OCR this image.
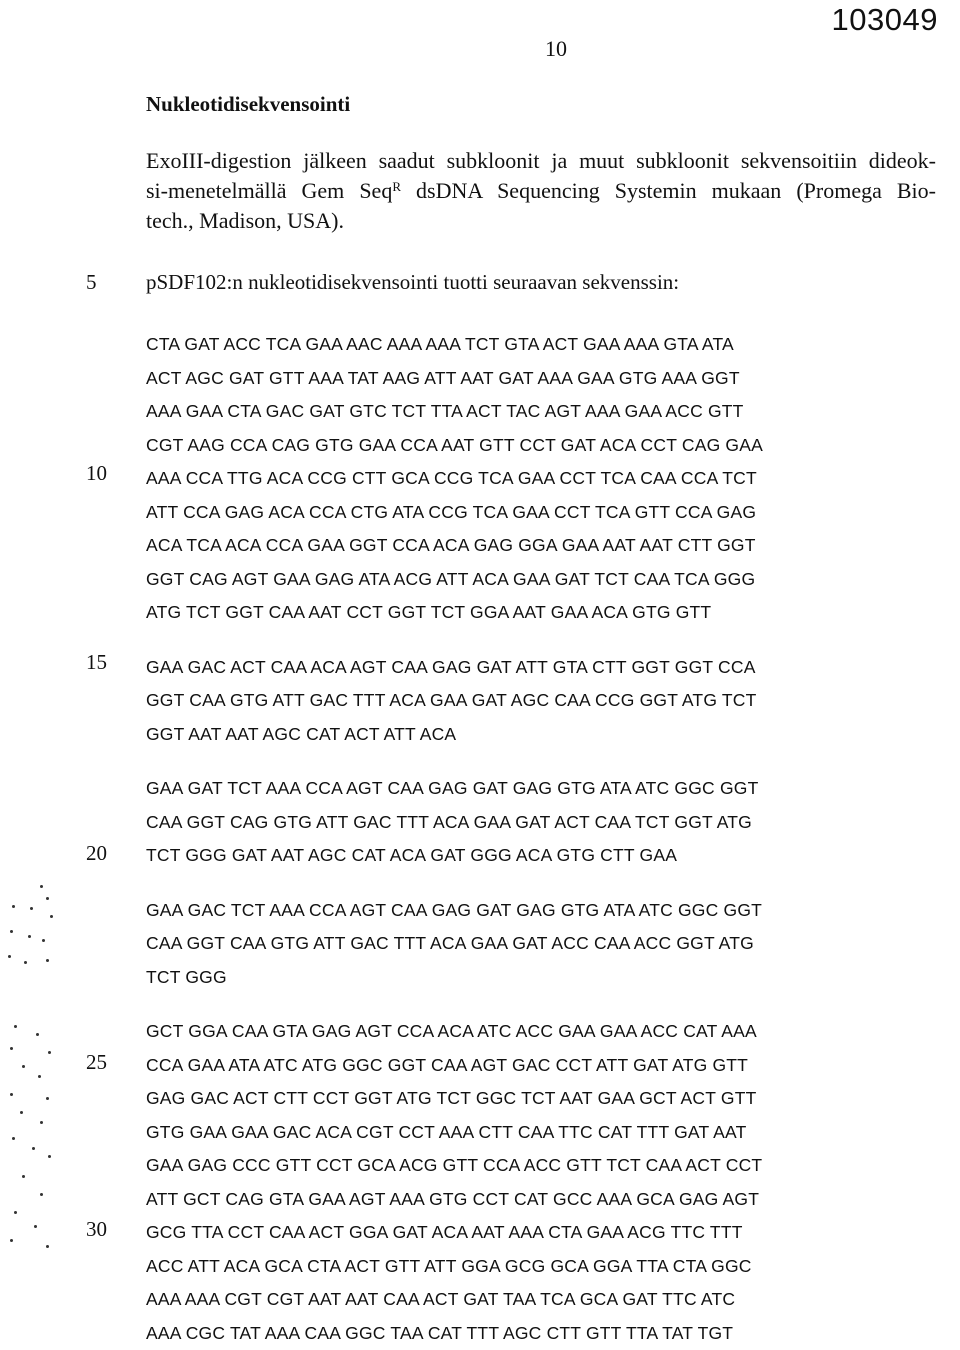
103049
10
Nukleotidisekvensointi
ExoIII-digestion jälkeen saadut subkloonit ja muut subkloonit sekvensoitiin dideok-
si-menetelmällä Gem Seq$^R$ dsDNA Sequencing Systemin mukaan (Promega Bio-
tech., Madison, USA).
pSDF102:n nukleotidisekvensointi tuotti seuraavan sekvenssin:
5
10
15
20
25
30
CTA GAT ACC TCA GAA AAC AAA AAA TCT GTA ACT GAA AAA GTA ATA
ACT AGC GAT GTT AAA TAT AAG ATT AAT GAT AAA GAA GTG AAA GGT
AAA GAA CTA GAC GAT GTC TCT TTA ACT TAC AGT AAA GAA ACC GTT
CGT AAG CCA CAG GTG GAA CCA AAT GTT CCT GAT ACA CCT CAG GAA
AAA CCA TTG ACA CCG CTT GCA CCG TCA GAA CCT TCA CAA CCA TCT
ATT CCA GAG ACA CCA CTG ATA CCG TCA GAA CCT TCA GTT CCA GAG
ACA TCA ACA CCA GAA GGT CCA ACA GAG GGA GAA AAT AAT CTT GGT
GGT CAG AGT GAA GAG ATA ACG ATT ACA GAA GAT TCT CAA TCA GGG
ATG TCT GGT CAA AAT CCT GGT TCT GGA AAT GAA ACA GTG GTT
GAA GAC ACT CAA ACA AGT CAA GAG GAT ATT GTA CTT GGT GGT CCA
GGT CAA GTG ATT GAC TTT ACA GAA GAT AGC CAA CCG GGT ATG TCT
GGT AAT AAT AGC CAT ACT ATT ACA
GAA GAT TCT AAA CCA AGT CAA GAG GAT GAG GTG ATA ATC GGC GGT
CAA GGT CAG GTG ATT GAC TTT ACA GAA GAT ACT CAA TCT GGT ATG
TCT GGG GAT AAT AGC CAT ACA GAT GGG ACA GTG CTT GAA
GAA GAC TCT AAA CCA AGT CAA GAG GAT GAG GTG ATA ATC GGC GGT
CAA GGT CAA GTG ATT GAC TTT ACA GAA GAT ACC CAA ACC GGT ATG
TCT GGG
GCT GGA CAA GTA GAG AGT CCA ACA ATC ACC GAA GAA ACC CAT AAA
CCA GAA ATA ATC ATG GGC GGT CAA AGT GAC CCT ATT GAT ATG GTT
GAG GAC ACT CTT CCT GGT ATG TCT GGC TCT AAT GAA GCT ACT GTT
GTG GAA GAA GAC ACA CGT CCT AAA CTT CAA TTC CAT TTT GAT AAT
GAA GAG CCC GTT CCT GCA ACG GTT CCA ACC GTT TCT CAA ACT CCT
ATT GCT CAG GTA GAA AGT AAA GTG CCT CAT GCC AAA GCA GAG AGT
GCG TTA CCT CAA ACT GGA GAT ACA AAT AAA CTA GAA ACG TTC TTT
ACC ATT ACA GCA CTA ACT GTT ATT GGA GCG GCA GGA TTA CTA GGC
AAA AAA CGT CGT AAT AAT CAA ACT GAT TAA TCA GCA GAT TTC ATC
AAA CGC TAT AAA CAA GGC TAA CAT TTT AGC CTT GTT TTA TAT TGT
